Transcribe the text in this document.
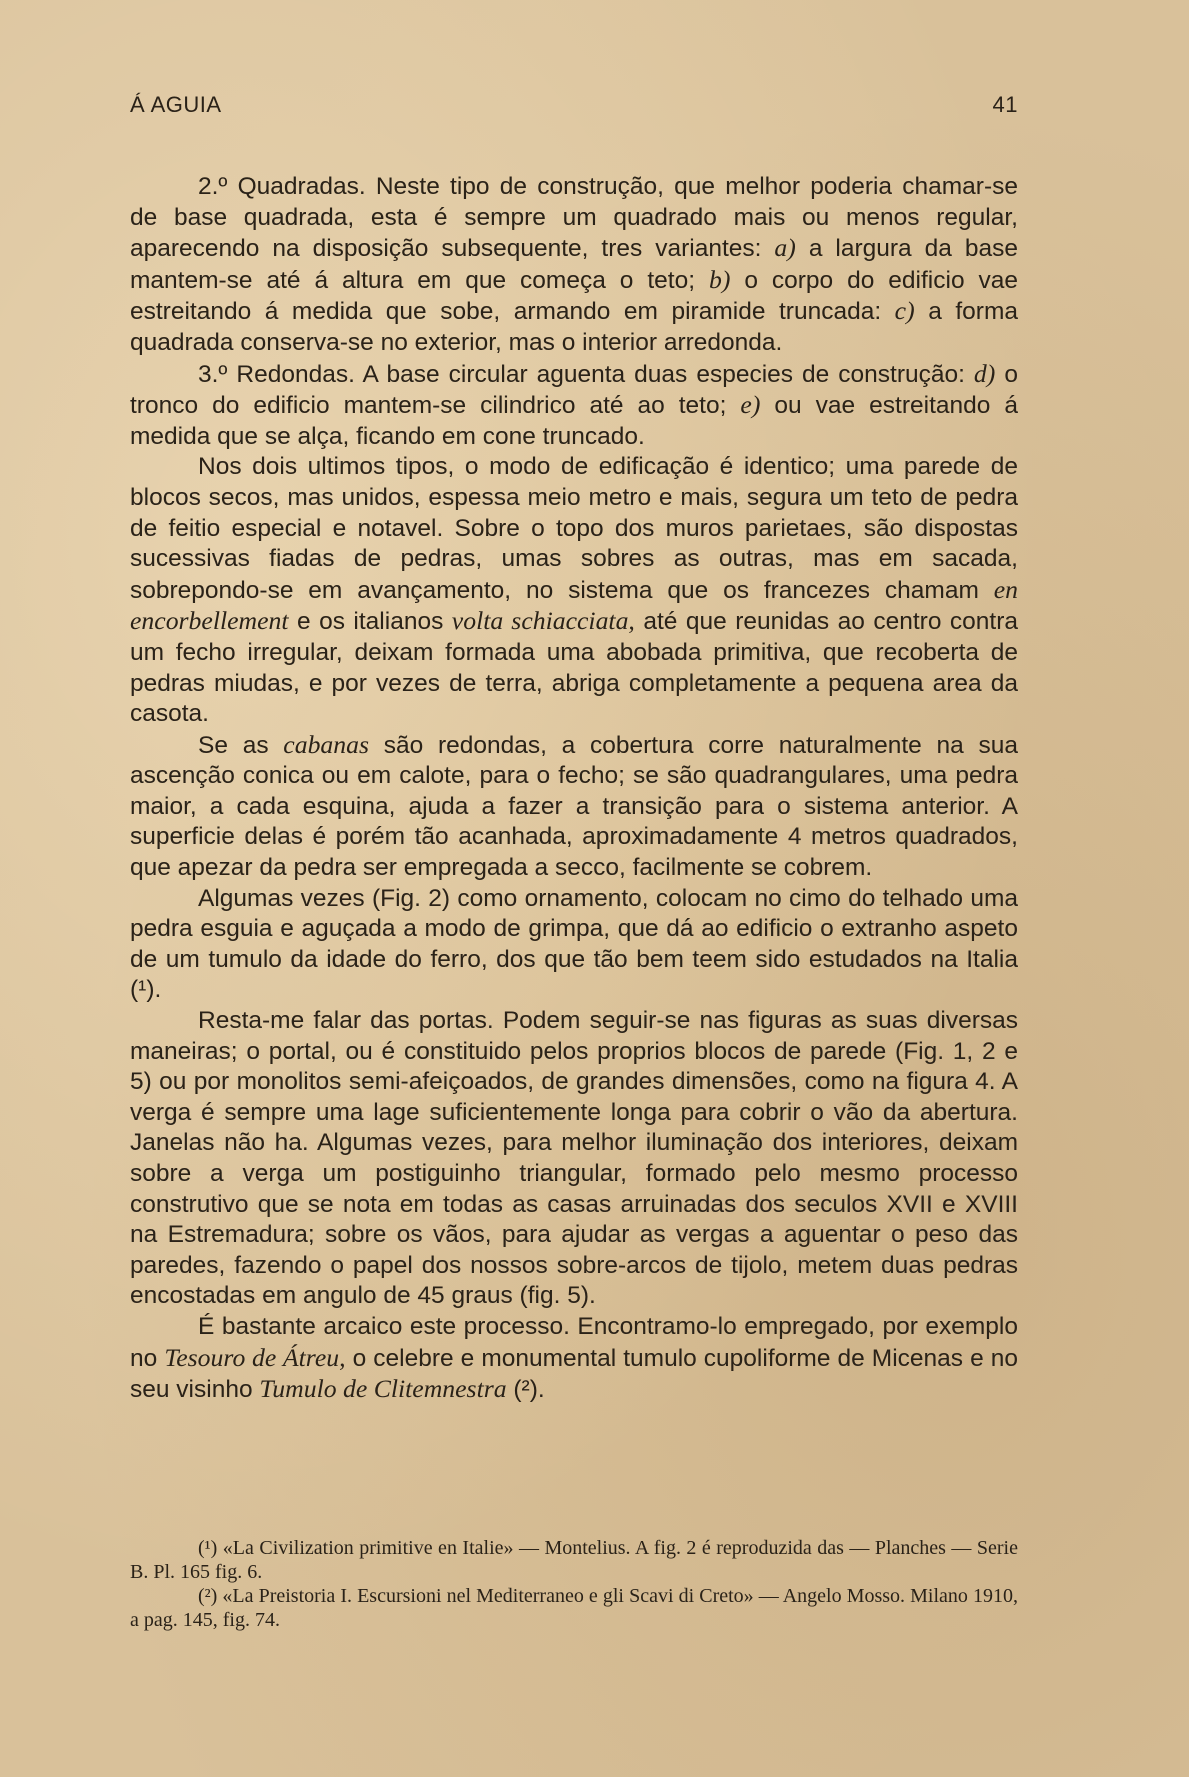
Á AGUIA	41

2.º Quadradas. Neste tipo de construção, que melhor poderia chamar-se de base quadrada, esta é sempre um quadrado mais ou menos regular, aparecendo na disposição subsequente, tres variantes: a) a largura da base mantem-se até á altura em que começa o teto; b) o corpo do edificio vae estreitando á medida que sobe, armando em piramide truncada: c) a forma quadrada conserva-se no exterior, mas o interior arredonda.

3.º Redondas. A base circular aguenta duas especies de construção: d) o tronco do edificio mantem-se cilindrico até ao teto; e) ou vae estreitando á medida que se alça, ficando em cone truncado.

Nos dois ultimos tipos, o modo de edificação é identico; uma parede de blocos secos, mas unidos, espessa meio metro e mais, segura um teto de pedra de feitio especial e notavel. Sobre o topo dos muros parietaes, são dispostas sucessivas fiadas de pedras, umas sobres as outras, mas em sacada, sobrepondo-se em avançamento, no sistema que os francezes chamam en encorbellement e os italianos volta schiacciata, até que reunidas ao centro contra um fecho irregular, deixam formada uma abobada primitiva, que recoberta de pedras miudas, e por vezes de terra, abriga completamente a pequena area da casota.

Se as cabanas são redondas, a cobertura corre naturalmente na sua ascenção conica ou em calote, para o fecho; se são quadrangulares, uma pedra maior, a cada esquina, ajuda a fazer a transição para o sistema anterior. A superficie delas é porém tão acanhada, aproximadamente 4 metros quadrados, que apezar da pedra ser empregada a secco, facilmente se cobrem.

Algumas vezes (Fig. 2) como ornamento, colocam no cimo do telhado uma pedra esguia e aguçada a modo de grimpa, que dá ao edificio o extranho aspeto de um tumulo da idade do ferro, dos que tão bem teem sido estudados na Italia (¹).

Resta-me falar das portas. Podem seguir-se nas figuras as suas diversas maneiras; o portal, ou é constituido pelos proprios blocos de parede (Fig. 1, 2 e 5) ou por monolitos semi-afeiçoados, de grandes dimensões, como na figura 4. A verga é sempre uma lage suficientemente longa para cobrir o vão da abertura. Janelas não ha. Algumas vezes, para melhor iluminação dos interiores, deixam sobre a verga um postiguinho triangular, formado pelo mesmo processo construtivo que se nota em todas as casas arruinadas dos seculos XVII e XVIII na Estremadura; sobre os vãos, para ajudar as vergas a aguentar o peso das paredes, fazendo o papel dos nossos sobre-arcos de tijolo, metem duas pedras encostadas em angulo de 45 graus (fig. 5).

É bastante arcaico este processo. Encontramo-lo empregado, por exemplo no Tesouro de Átreu, o celebre e monumental tumulo cupoliforme de Micenas e no seu visinho Tumulo de Clitemnestra (²).

(¹) «La Civilization primitive en Italie» — Montelius. A fig. 2 é reproduzida das — Planches — Serie B. Pl. 165 fig. 6.

(²) «La Preistoria I. Escursioni nel Mediterraneo e gli Scavi di Creto» — Angelo Mosso. Milano 1910, a pag. 145, fig. 74.
